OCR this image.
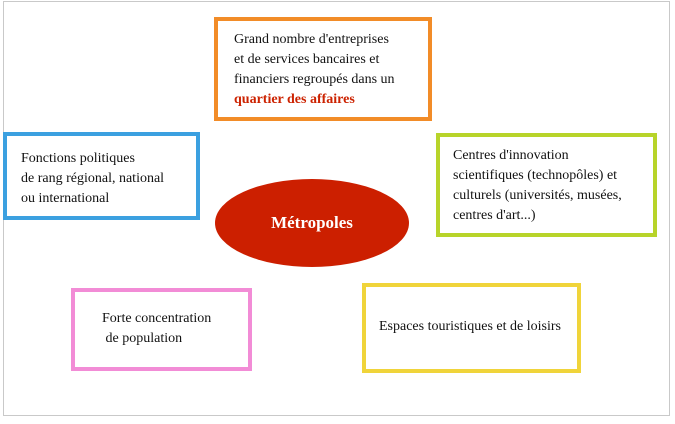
Grand nombre d'entreprises
et de services bancaires et
financiers regroupés dans un
quartier des affaires
Fonctions politiques
de rang régional, national
ou international
Centres d'innovation
scientifiques (technopôles) et
culturels (universités, musées,
centres d'art...)
Métropoles
Forte concentration
de population
Espaces touristiques et de loisirs
